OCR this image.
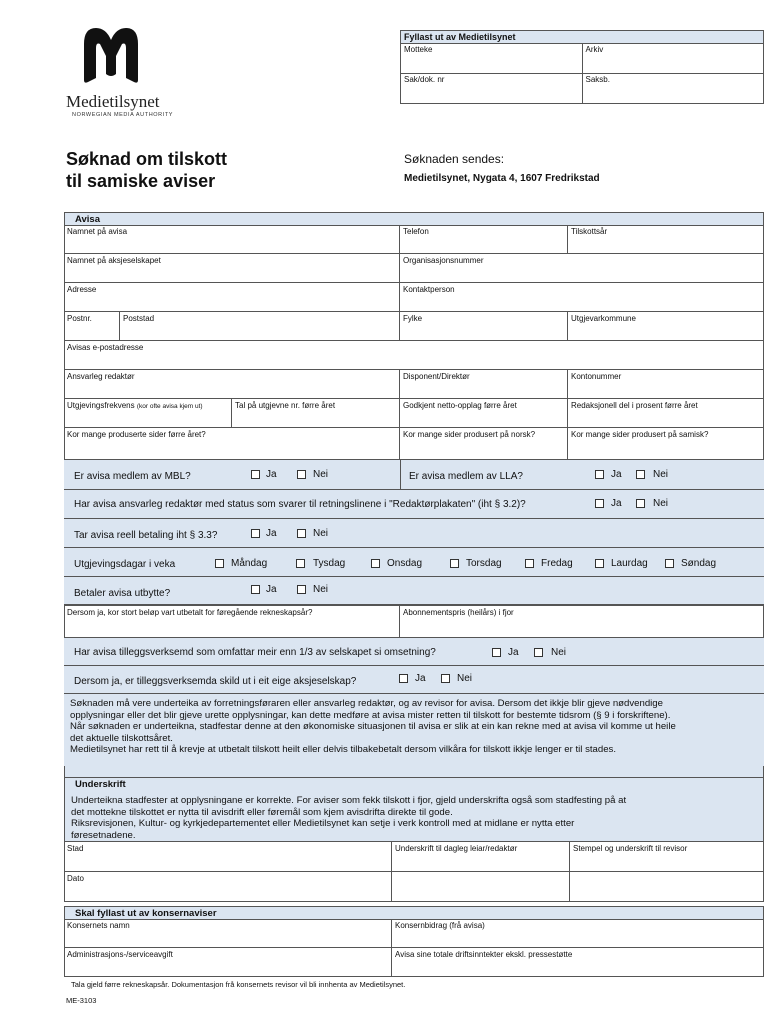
Medietilsynet
NORWEGIAN MEDIA AUTHORITY
Fyllast ut av Medietilsynet	
Motteke	Arkiv
Sak/dok. nr	Saksb.
Søknad om tilskott
til samiske aviser
Søknaden sendes:
Medietilsynet, Nygata 4, 1607 Fredrikstad
Avisa
Namnet på avisa	Telefon	Tilskottsår
Namnet på aksjeselskapet	Organisasjonsnummer
Adresse	Kontaktperson
Postnr.	Poststad	Fylke	Utgjevarkommune
Avisas e-postadresse
Ansvarleg redaktør	Disponent/Direktør	Kontonummer
Utgjevingsfrekvens (kor ofte avisa kjem ut)	Tal på utgjevne nr. førre året	Godkjent netto-opplag førre året	Redaksjonell del i prosent førre året
Kor mange produserte sider førre året?	Kor mange sider produsert på norsk?	Kor mange sider produsert på samisk?
Er avisa medlem av MBL?	Ja	Nei	Er avisa medlem av LLA?	Ja	Nei
Har avisa ansvarleg redaktør med status som svarer til retningslinene i "Redaktørplakaten" (iht § 3.2)?	Ja	Nei
Tar avisa reell betaling iht § 3.3?	Ja	Nei
Utgjevingsdagar i veka	Måndag	Tysdag	Onsdag	Torsdag	Fredag	Laurdag	Søndag
Betaler avisa utbytte?	Ja	Nei
Dersom ja, kor stort beløp vart utbetalt for føregående rekneskapsår?	Abonnementspris (heilårs) i fjor
Har avisa tilleggsverksemd som omfattar meir enn 1/3 av selskapet si omsetning?	Ja	Nei
Dersom ja, er tilleggsverksemda skild ut i eit eige aksjeselskap?	Ja	Nei
Søknaden må vere underteika av forretningsføraren eller ansvarleg redaktør, og av revisor for avisa. Dersom det ikkje blir gjeve nødvendige
opplysningar eller det blir gjeve urette opplysningar, kan dette medføre at avisa mister retten til tilskott for bestemte tidsrom (§ 9 i forskriftene).
Når søknaden er underteikna, stadfestar denne at den økonomiske situasjonen til avisa er slik at ein kan rekne med at avisa vil komme ut heile
det aktuelle tilskottsåret.
Medietilsynet har rett til å krevje at utbetalt tilskott heilt eller delvis tilbakebetalt dersom vilkåra for tilskott ikkje lenger er til stades.
Underskrift
Underteikna stadfester at opplysningane er korrekte. For aviser som fekk tilskott i fjor, gjeld underskrifta også som stadfesting på at
det mottekne tilskottet er nytta til avisdrift eller føremål som kjem avisdrifta direkte til gode.
Riksrevisjonen, Kultur- og kyrkjedepartementet eller Medietilsynet kan setje i verk kontroll med at midlane er nytta etter
føresetnadene.
Stad	Underskrift til dagleg leiar/redaktør	Stempel og underskrift til revisor
Dato
Skal fyllast ut av konsernaviser
Konsernets namn	Konsernbidrag (frå avisa)
Administrasjons-/serviceavgift	Avisa sine totale driftsinntekter ekskl. pressestøtte
Tala gjeld førre rekneskapsår. Dokumentasjon frå konsernets revisor vil bli innhenta av Medietilsynet.
ME-3103
